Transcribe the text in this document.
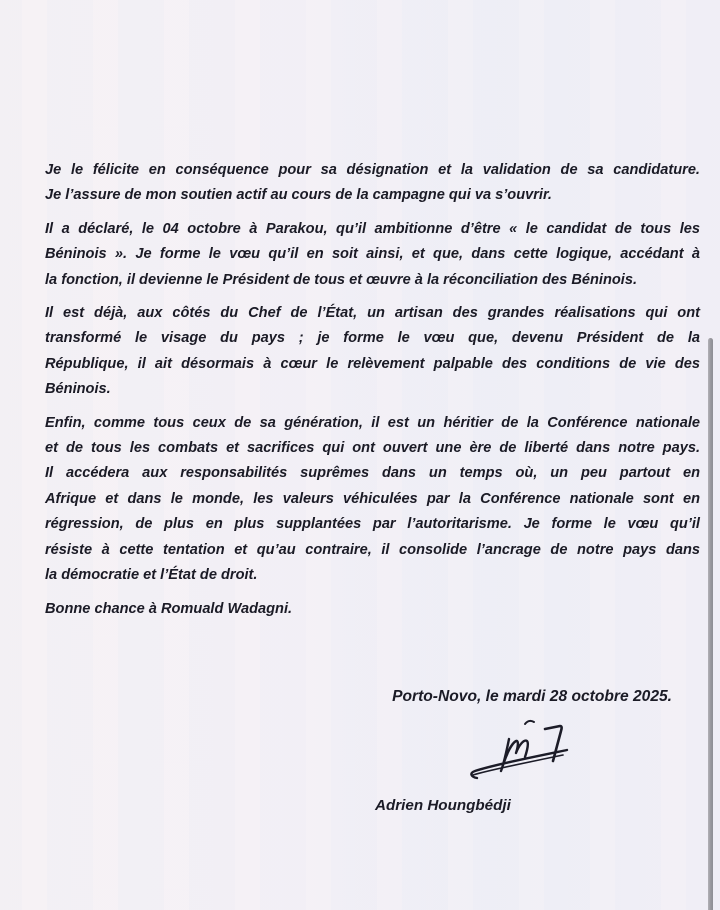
Je le félicite en conséquence pour sa désignation et la validation de sa candidature.
Je l’assure de mon soutien actif au cours de la campagne qui va s’ouvrir.
Il a déclaré, le 04 octobre à Parakou, qu’il ambitionne d’être « le candidat de tous les
Béninois ». Je forme le vœu qu’il en soit ainsi, et que, dans cette logique, accédant à
la fonction, il devienne le Président de tous et œuvre à la réconciliation des Béninois.
Il est déjà, aux côtés du Chef de l’État, un artisan des grandes réalisations qui ont
transformé le visage du pays ; je forme le vœu que, devenu Président de la
République, il ait désormais à cœur le relèvement palpable des conditions de vie des
Béninois.
Enfin, comme tous ceux de sa génération, il est un héritier de la Conférence nationale
et de tous les combats et sacrifices qui ont ouvert une ère de liberté dans notre pays.
Il accédera aux responsabilités suprêmes dans un temps où, un peu partout en
Afrique et dans le monde, les valeurs véhiculées par la Conférence nationale sont en
régression, de plus en plus supplantées par l’autoritarisme. Je forme le vœu qu’il
résiste à cette tentation et qu’au contraire, il consolide l’ancrage de notre pays dans
la démocratie et l’État de droit.
Bonne chance à Romuald Wadagni.
Porto-Novo, le mardi 28 octobre 2025.
Adrien Houngbédji
